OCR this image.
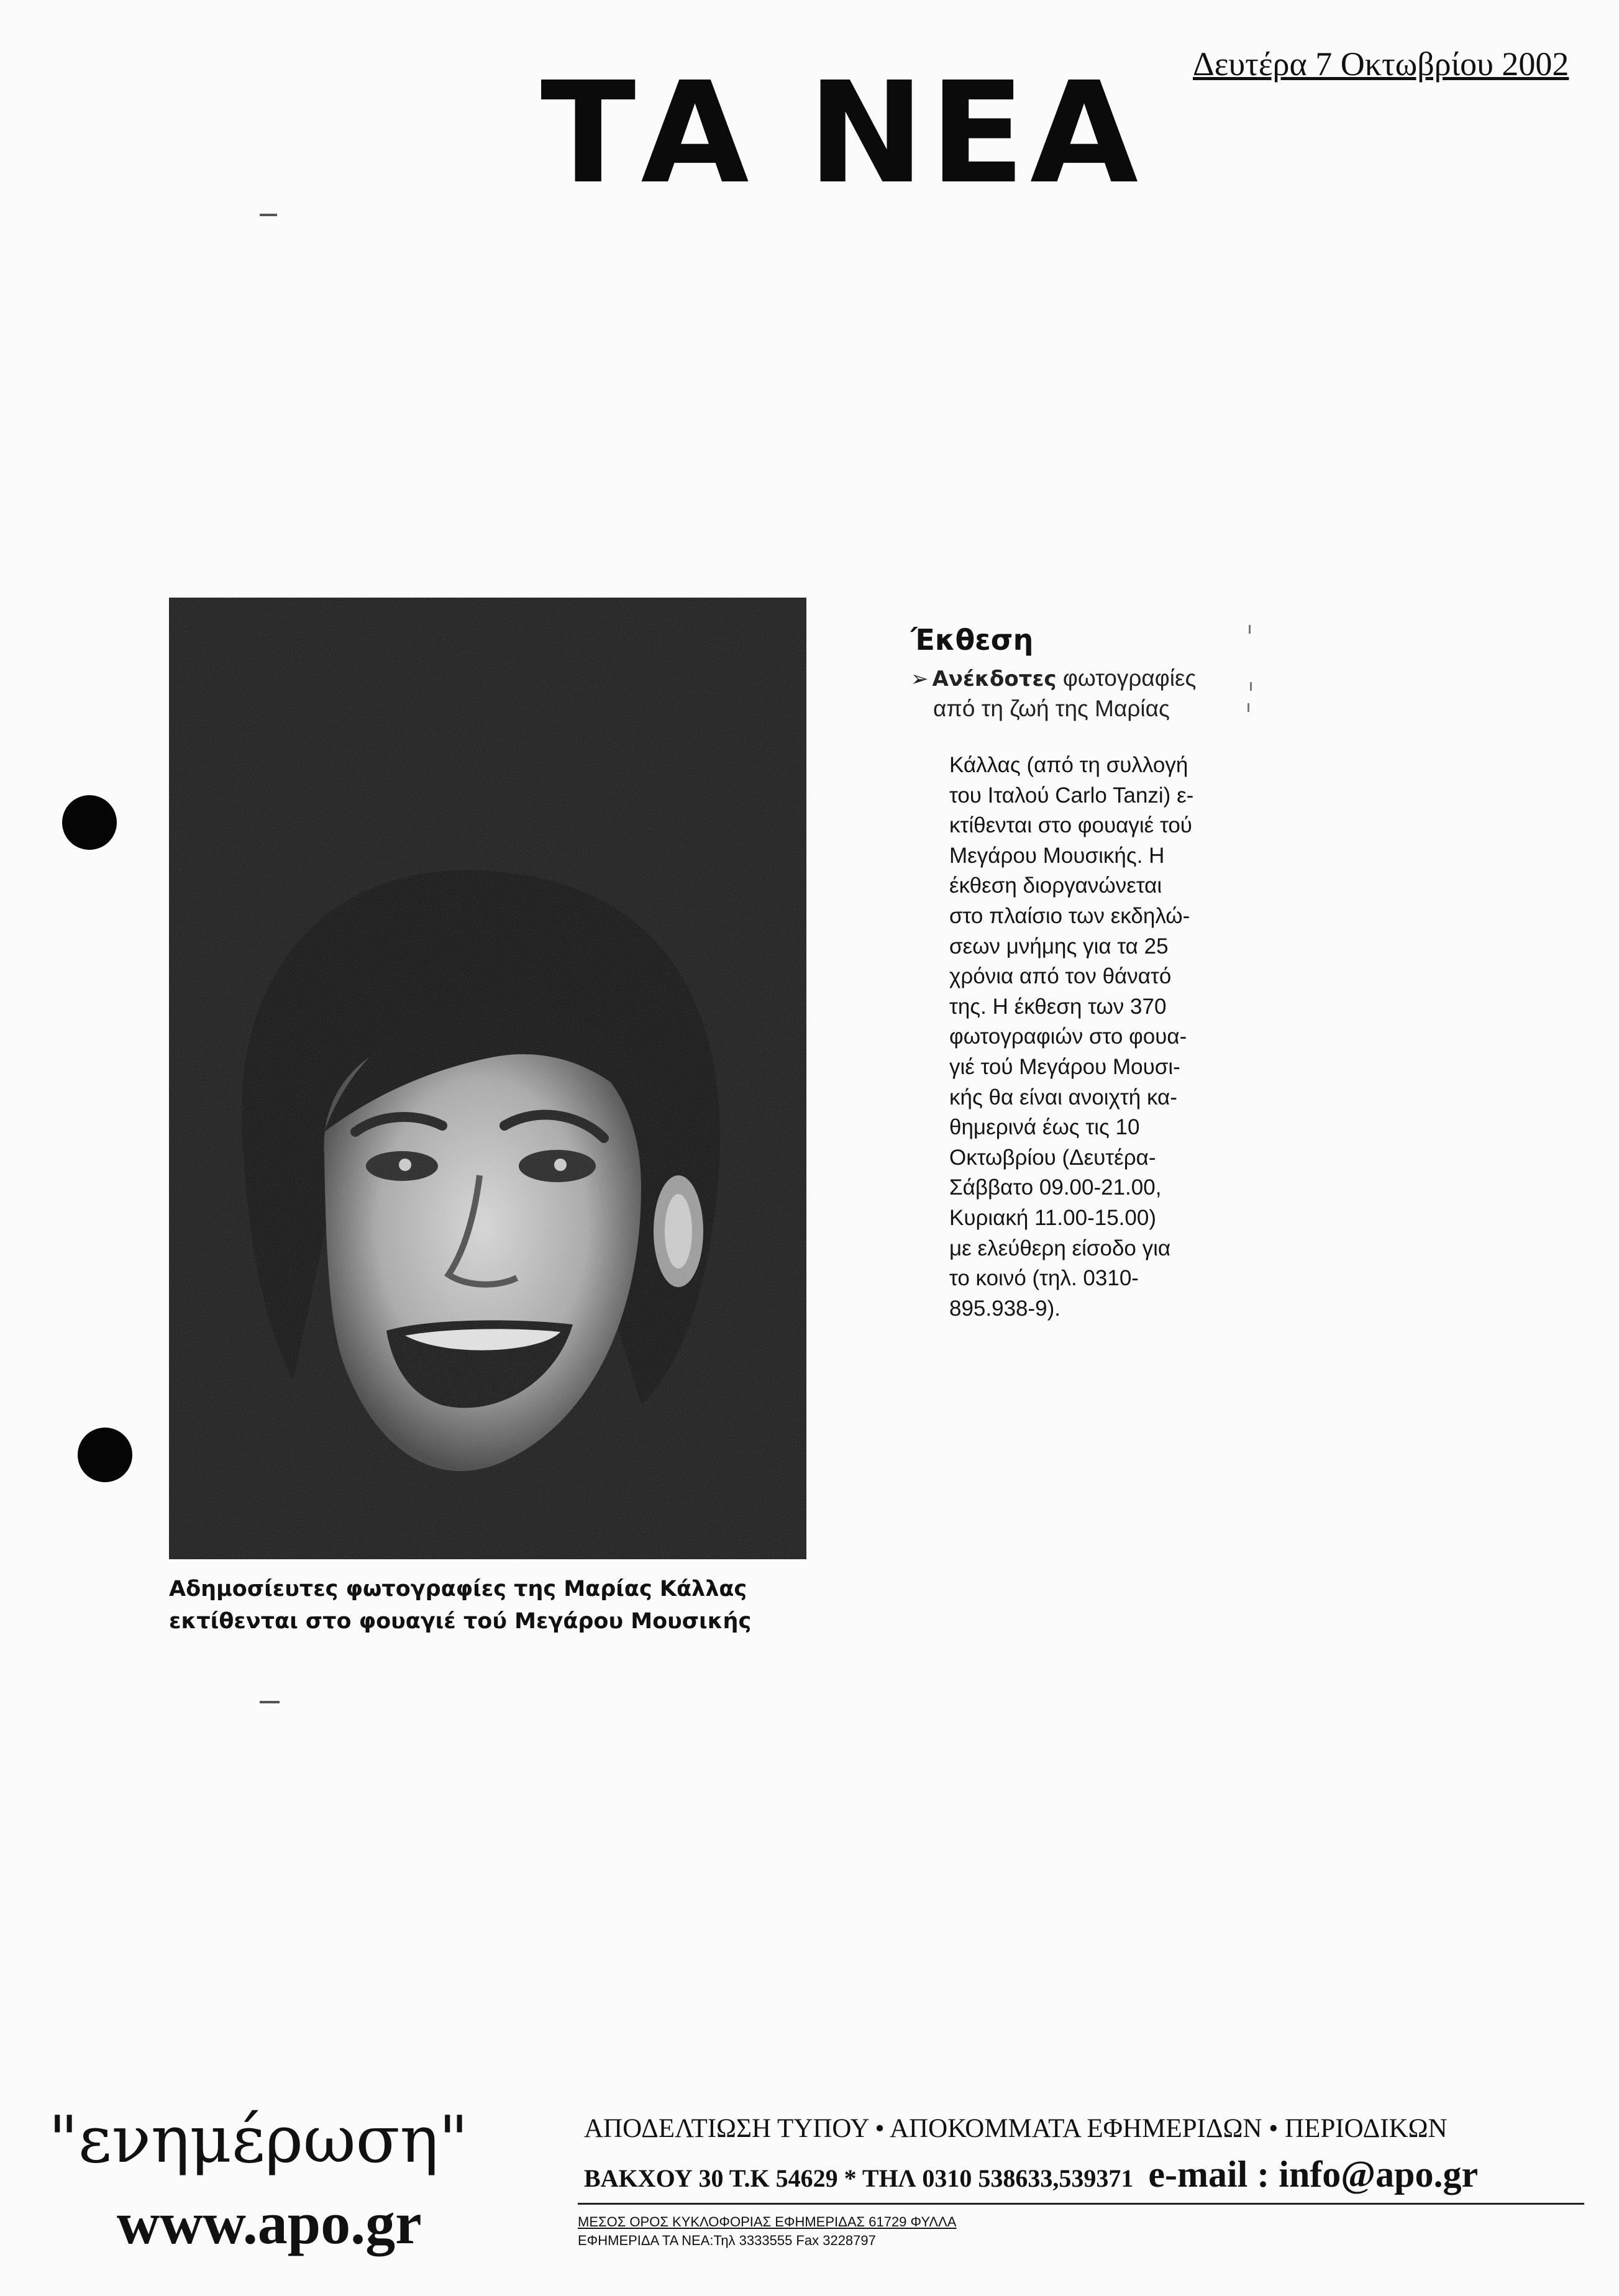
ΤΑ ΝΕΑ Δευτέρα 7 Οκτωβρίου 2002
Αδημοσίευτες φωτογραφίες της Μαρίας Κάλλας
εκτίθενται στο φουαγιέ τού Μεγάρου Μουσικής
Έκθεση
➢ Ανέκδοτες φωτογραφίες
από τη ζωή της Μαρίας
Κάλλας (από τη συλλογή
του Ιταλού Carlo Tanzi) ε-
κτίθενται στο φουαγιέ τού
Μεγάρου Μουσικής. Η
έκθεση διοργανώνεται
στο πλαίσιο των εκδηλώ-
σεων μνήμης για τα 25
χρόνια από τον θάνατό
της. Η έκθεση των 370
φωτογραφιών στο φουα-
γιέ τού Μεγάρου Μουσι-
κής θα είναι ανοιχτή κα-
θημερινά έως τις 10
Οκτωβρίου (Δευτέρα-
Σάββατο 09.00-21.00,
Κυριακή 11.00-15.00)
με ελεύθερη είσοδο για
το κοινό (τηλ. 0310-
895.938-9).
"ενημέρωση"
www.apo.gr
ΑΠΟΔΕΛΤΙΩΣΗ ΤΥΠΟΥ • ΑΠΟΚΟΜΜΑΤΑ ΕΦΗΜΕΡΙΔΩΝ • ΠΕΡΙΟΔΙΚΩΝ
ΒΑΚΧΟΥ 30 Τ.Κ 54629 * ΤΗΛ 0310 538633,539371 e-mail : info@apo.gr
ΜΕΣΟΣ ΟΡΟΣ ΚΥΚΛΟΦΟΡΙΑΣ ΕΦΗΜΕΡΙΔΑΣ 61729 ΦΥΛΛΑ
ΕΦΗΜΕΡΙΔΑ ΤΑ ΝΕΑ:Τηλ 3333555 Fax 3228797
